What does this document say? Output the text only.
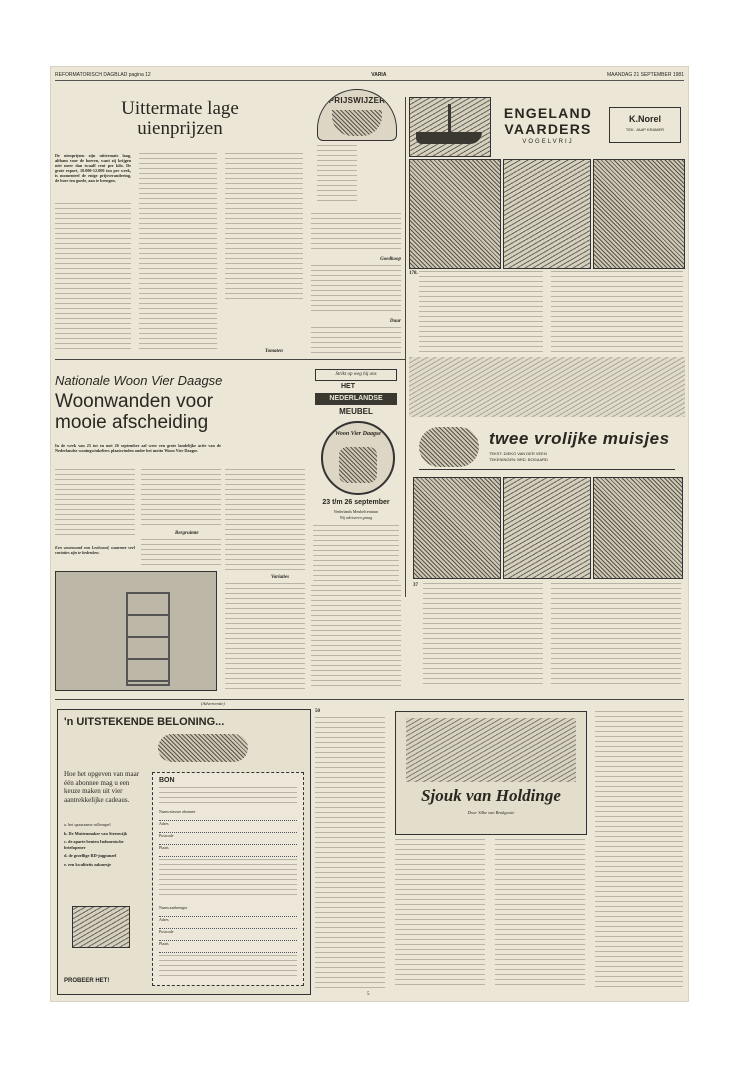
REFORMATORISCH DAGBLAD pagina 12	VARIA	MAANDAG 21 SEPTEMBER 1981
Uittermate lage
uienprijzen
De uienprijzen zijn uittermate laag, althans voor de boeren, want zij krijgen niet meer dan twaalf cent per kilo. De grote export, 10.000-12.000 ton per week, is momenteel de enige prijsverandering, de boer ten goede, aan te brengen.
Tomaten
PRIJSWIJZER
Goedkoop
Duur
ENGELAND
VAARDERS
VOGELVRIJ
K.Norel
TEK. JAAP KRAMER
178.
Nationale Woon Vier Daagse
Woonwanden voor
mooie afscheiding
In de week van 23 tot en met 26 september zal weer een grote landelijke actie van de Nederlandse woningwinkeliers plaatsvinden onder het motto Woon Vier Daagse.
Een woonwand van Leolwood, waarmee veel variaties zijn te bedenken.
Bergruimte
Variaties
Strikt op weg bij ons
HET
NEDERLANDSE
MEUBEL
Woon Vier Daagse
23 t/m 26 september
Nederlands Meubelcentrum
Wij adviseren graag
twee vrolijke muisjes
TEKST: DIEKO VAN DER VEEN
TEKENINGEN: BRD. BOGAARD
37
(Advertentie)
'n UITSTEKENDE BELONING...
Hoe het opgeven van maar één abonnee mag u een keuze maken uit vier aantrekkelijke cadeaus.
a. het spaarzame rollenspel
b. De Muttenmaker van Steenwijk
c. de aparte beuten Indonesische briefopener
d. de gezellige RD-jugpunzel
e. een kwaliteits zakmesje
PROBEER HET!
BON
Naam nieuwe abonnee
Adres
Postcode
Plaats
Naam aanbrenger
Adres
Postcode
Plaats
50
Sjouk van Holdinge
Door Silke van Brakgooie
5
